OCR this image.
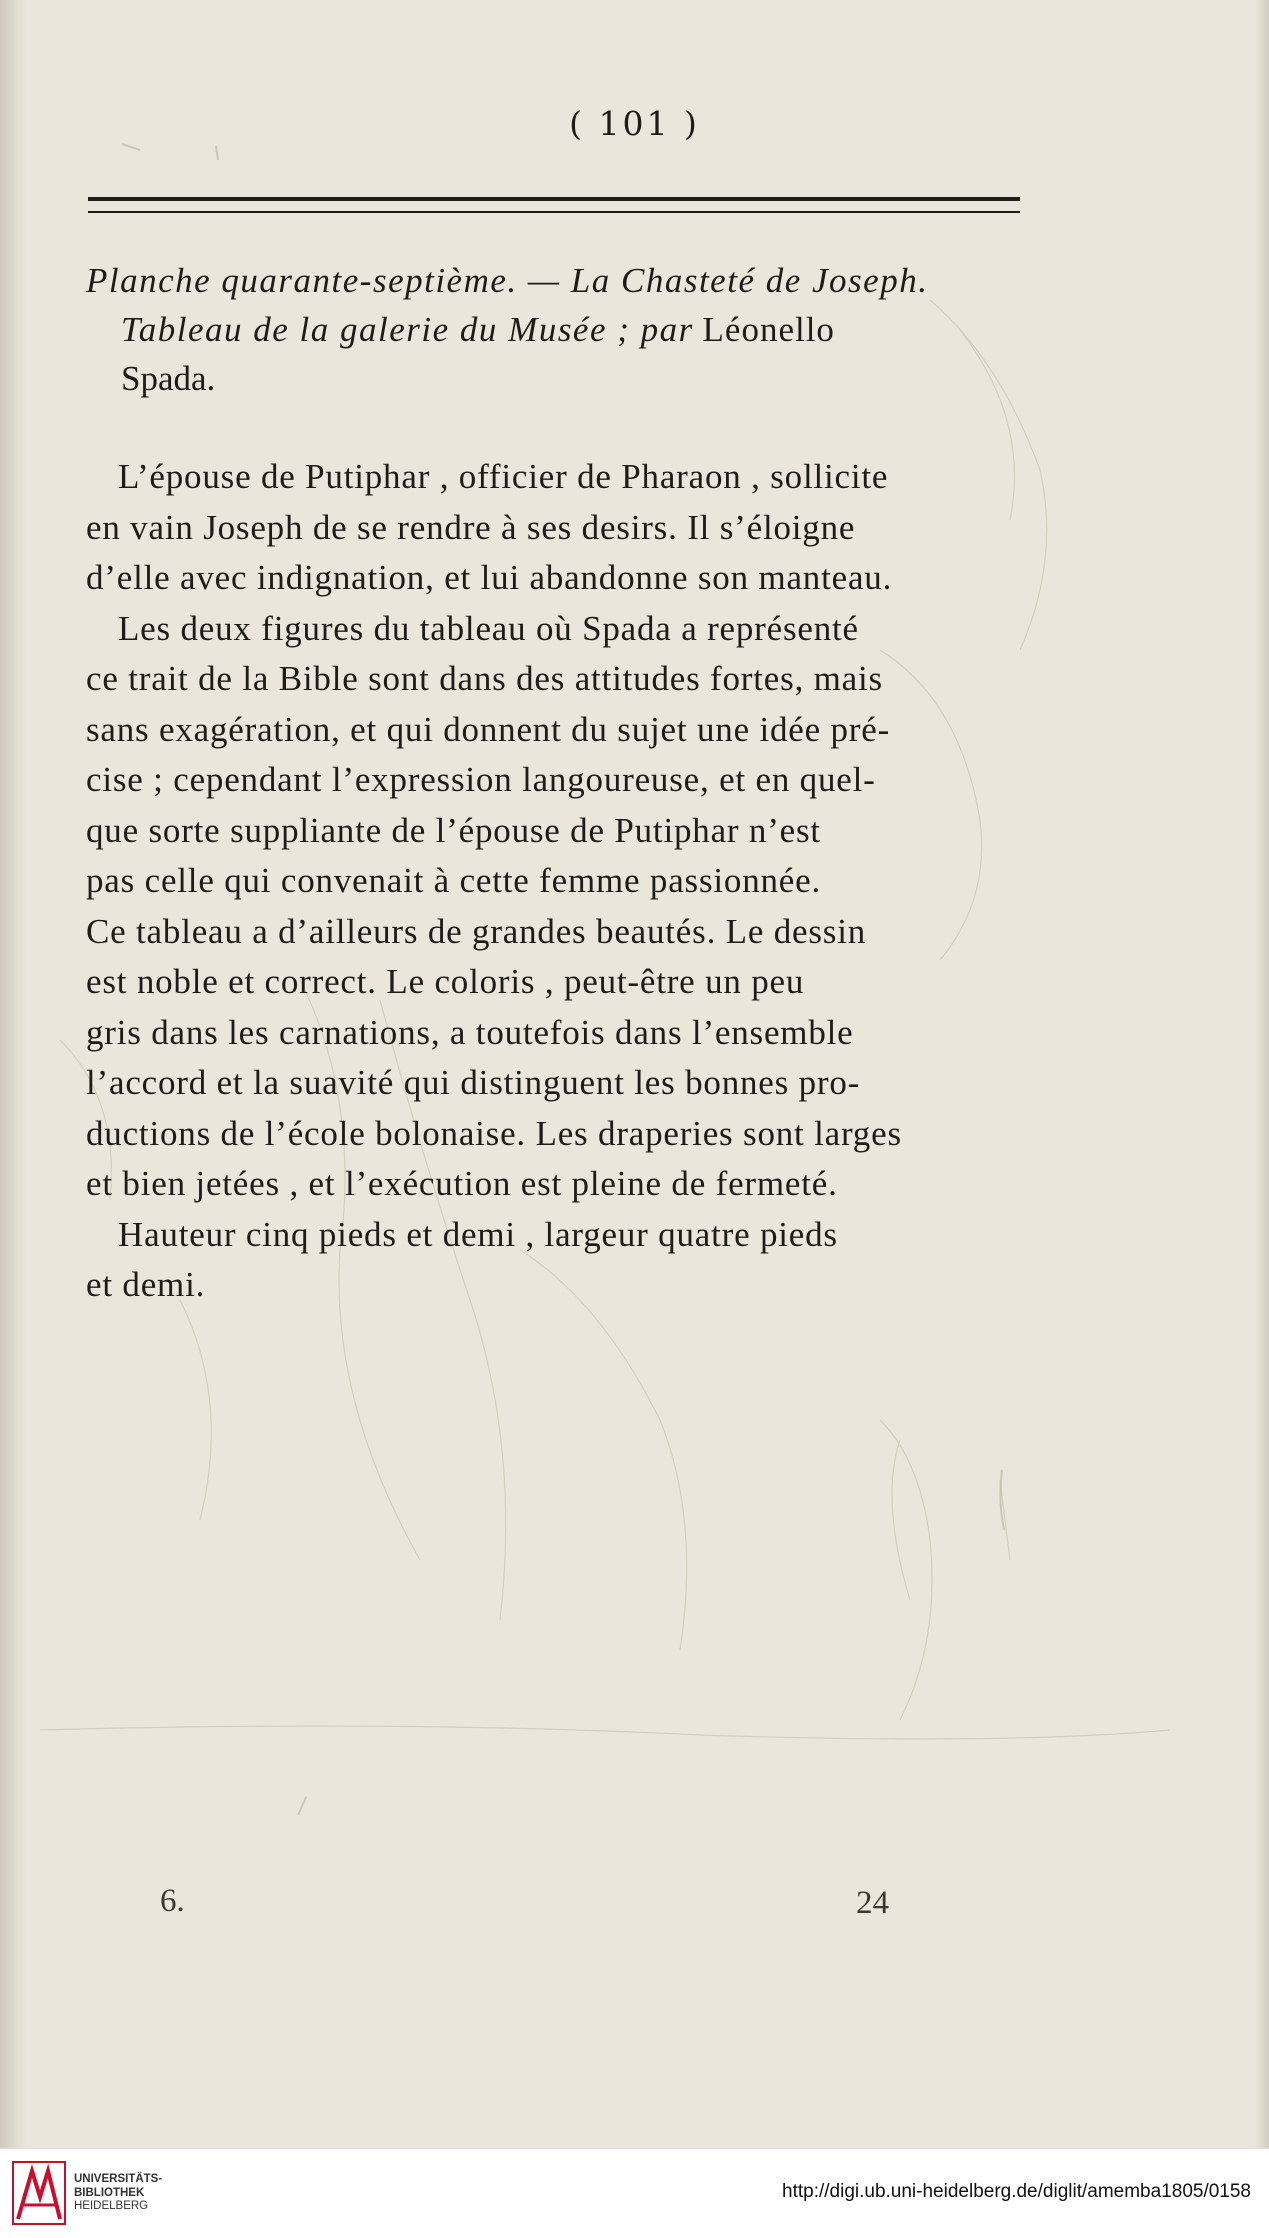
( 101 )
Planche quarante-septième. — La Chasteté de Joseph.
Tableau de la galerie du Musée ; par Léonello
Spada.

L’épouse de Putiphar , officier de Pharaon , sollicite
en vain Joseph de se rendre à ses desirs. Il s’éloigne
d’elle avec indignation, et lui abandonne son manteau.

Les deux figures du tableau où Spada a représenté
ce trait de la Bible sont dans des attitudes fortes, mais
sans exagération, et qui donnent du sujet une idée pré-
cise ; cependant l’expression langoureuse, et en quel-
que sorte suppliante de l’épouse de Putiphar n’est
pas celle qui convenait à cette femme passionnée.
Ce tableau a d’ailleurs de grandes beautés. Le dessin
est noble et correct. Le coloris , peut-être un peu
gris dans les carnations, a toutefois dans l’ensemble
l’accord et la suavité qui distinguent les bonnes pro-
ductions de l’école bolonaise. Les draperies sont larges
et bien jetées , et l’exécution est pleine de fermeté.

Hauteur cinq pieds et demi , largeur quatre pieds
et demi.

6.	24
UNIVERSITÄTS-
BIBLIOTHEK
HEIDELBERG
http://digi.ub.uni-heidelberg.de/diglit/amemba1805/0158
